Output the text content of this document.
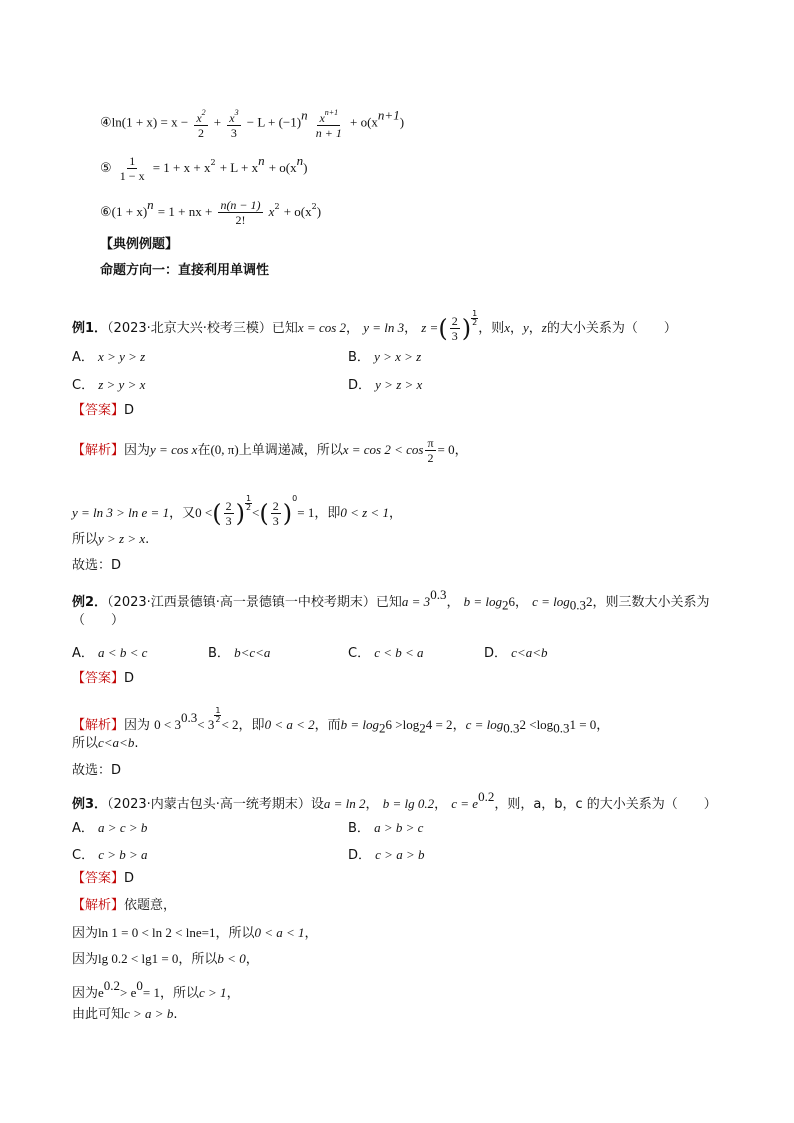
④ln(1 + $x) = x - \frac{x^2}{2} + \frac{x^3}{3} - L + (-1)^n \frac{x^{n+1}}{n + 1} + o(x^{n+1})$
⑤ $\frac{1}{1 - x} = 1 + x + x^2 + L + x^n + o(x^n)$
⑥(1 + x)$^n$ = 1 + nx + $\frac{n(n - 1)}{2!} x^2 + o(x^2)$
【典例例题】
命题方向一：直接利用单调性
例1．（2023·北京大兴·校考三模）已知x = cos 2， y = ln 3， z =( $\frac{2}{3}$ ) $\frac{1}{2}$
，则x，y，z的大小关系为（　　）
A． x > y > z	B． y > x > z
C． z > y > x	D． y > z > x
【答案】D
【解析】因为y = cos x在(0, π)上单调递减，所以$x = \cos 2 < \cos \frac{\pi}{2} = 0$，
y = ln 3 > ln e = 1，又0 <( $\frac{2}{3}$ ) $\frac{1}{2}$
<( $\frac{2}{3} )0= 1$，即0 < z < 1，
所以y > z > x.
故选：D
例2．（2023·江西景德镇·高一景德镇一中校考期末）已知$a = 3^{0.3}$， $b = \log_26$， $c = \log_{0.3}2$，则三数大小关系为
（　　）
A． a < b < c	B． b<c<a	C． c < b < a	D． c<a<b
【答案】D
【解析】因为 $0 < 3^{0.3}< 3$
$\frac{1}{2}$
< 2，即0 < a < 2，而$b = \log_26 >\log_24 = 2$，$c = \log_{0.3}2 <\log_{0.3}1 = 0$，
所以c<a<b.
故选：D
例3．（2023·内蒙古包头·高一统考期末）设a = ln 2， b = lg 0.2， $c = e^{0.2}$，则，a，b，c 的大小关系为（　　）
A． a > c > b	B． a > b > c
C． c > b > a	D． c > a > b
【答案】D
【解析】依题意，
因为ln 1 = 0 < ln 2 < lne=1，所以0 < a < 1，
因为lg 0.2 < lg1 = 0，所以b < 0，
因为$e^{0.2}> e^0= 1$，所以c > 1，
由此可知c > a > b.
